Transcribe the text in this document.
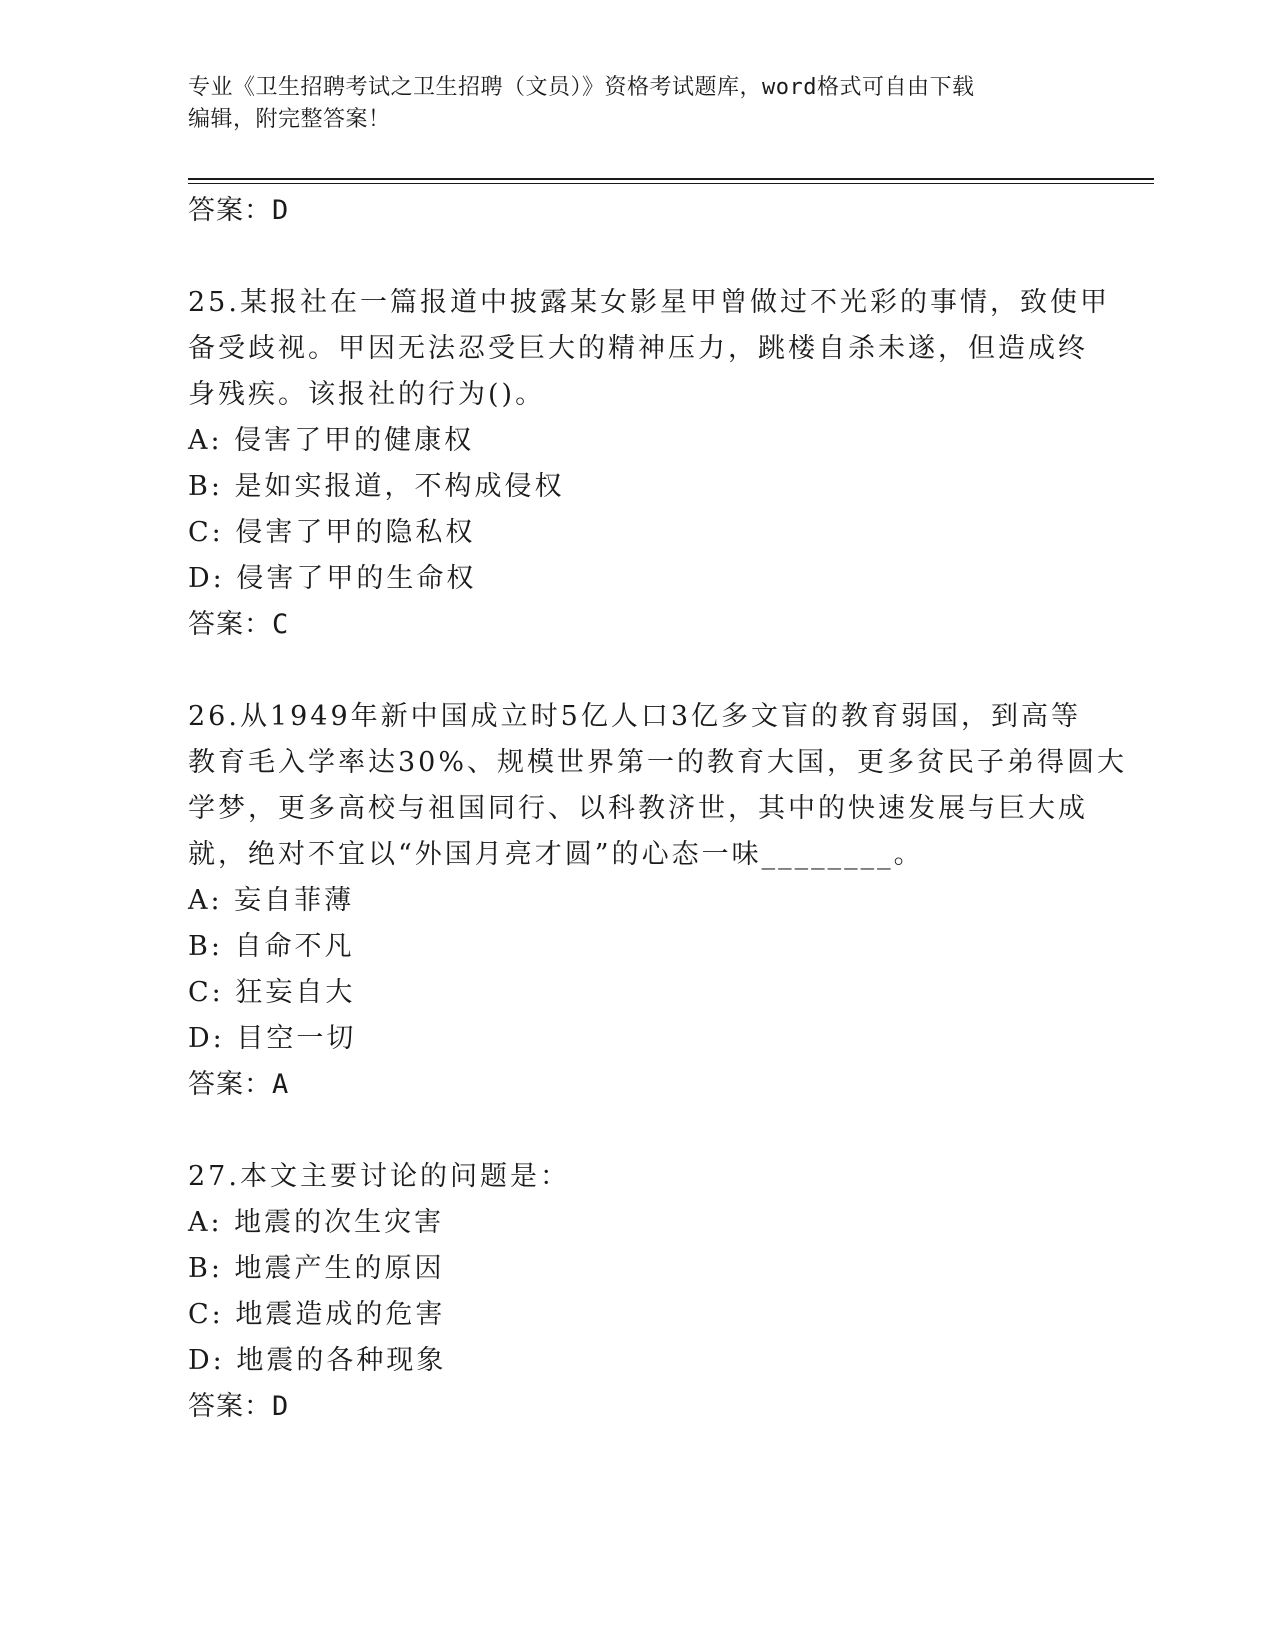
专业《卫生招聘考试之卫生招聘（文员）》资格考试题库，word格式可自由下载
编辑，附完整答案！
答案：D
25.某报社在一篇报道中披露某女影星甲曾做过不光彩的事情，致使甲
备受歧视。甲因无法忍受巨大的精神压力，跳楼自杀未遂，但造成终
身残疾。该报社的行为()。
A: 侵害了甲的健康权
B: 是如实报道，不构成侵权
C: 侵害了甲的隐私权
D: 侵害了甲的生命权
答案：C
26.从1949年新中国成立时5亿人口3亿多文盲的教育弱国，到高等
教育毛入学率达30%、规模世界第一的教育大国，更多贫民子弟得圆大
学梦，更多高校与祖国同行、以科教济世，其中的快速发展与巨大成
就，绝对不宜以“外国月亮才圆”的心态一味________。
A: 妄自菲薄
B: 自命不凡
C: 狂妄自大
D: 目空一切
答案：A
27.本文主要讨论的问题是：
A: 地震的次生灾害
B: 地震产生的原因
C: 地震造成的危害
D: 地震的各种现象
答案：D
